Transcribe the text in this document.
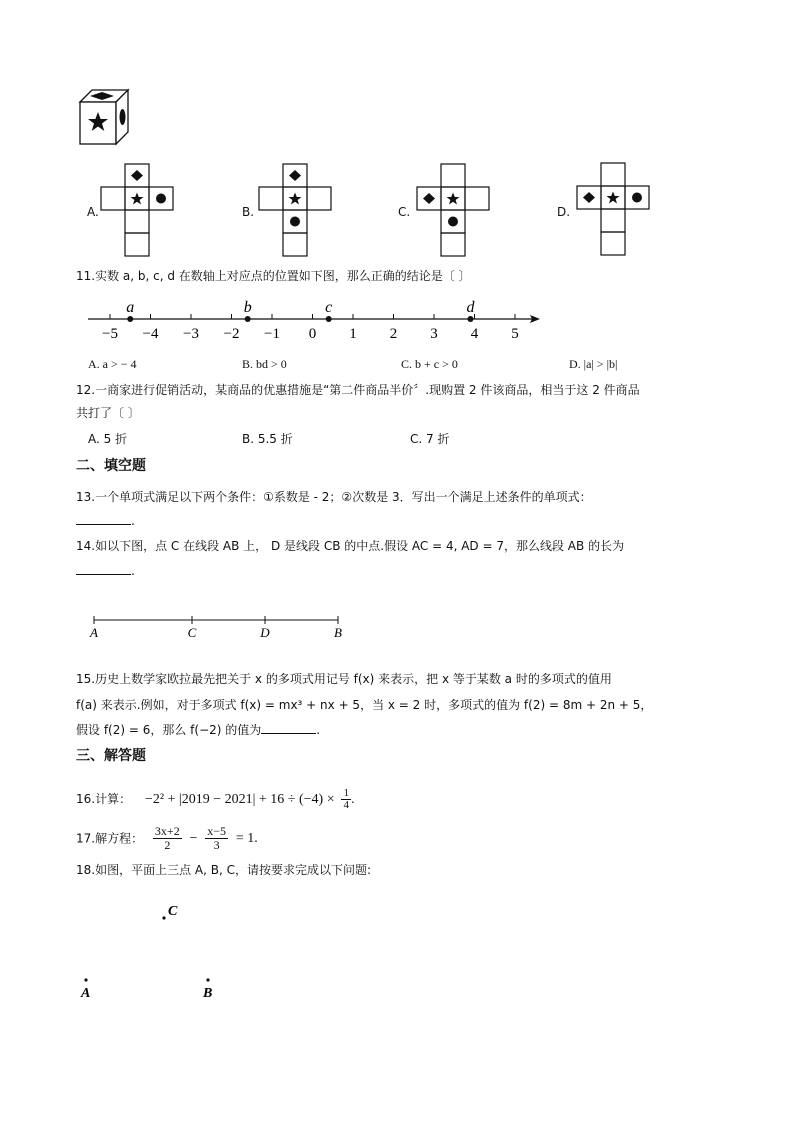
A.	B.	C.	D.
11.实数 a, b, c, d 在数轴上对应点的位置如下图，那么正确的结论是〔 〕
−5 −4 −3 −2 −1 0 1 2 3 4 5
a	b	c	d
A. a > − 4	B. bd > 0	C. b + c > 0	D. |a| > |b|
12.一商家进行促销活动，某商品的优惠措施是“第二件商品半价〞.现购置 2 件该商品，相当于这 2 件商品
共打了〔 〕
A. 5 折	B. 5.5 折	C. 7 折
二、填空题
13.一个单项式满足以下两个条件：①系数是 - 2；②次数是 3．写出一个满足上述条件的单项式：
.
14.如以下图，点 C 在线段 AB 上， D 是线段 CB 的中点.假设 AC = 4, AD = 7，那么线段 AB 的长为
.
A	C	D	B
15.历史上数学家欧拉最先把关于 x 的多项式用记号 f(x) 来表示，把 x 等于某数 a 时的多项式的值用
f(a) 来表示.例如，对于多项式 f(x) = mx³ + nx + 5，当 x = 2 时，多项式的值为 f(2) = 8m + 2n + 5，
假设 f(2) = 6，那么 f(−2) 的值为	.
三、解答题
16.计算： $-2^2 + |2019 - 2021| + 16 \div (-4) \times \frac{1}{4}$ .
17.解方程： $\frac{3x+2}{2} - \frac{x-5}{3} = 1$.
18.如图，平面上三点 A, B, C，请按要求完成以下问题:
C
A	B
